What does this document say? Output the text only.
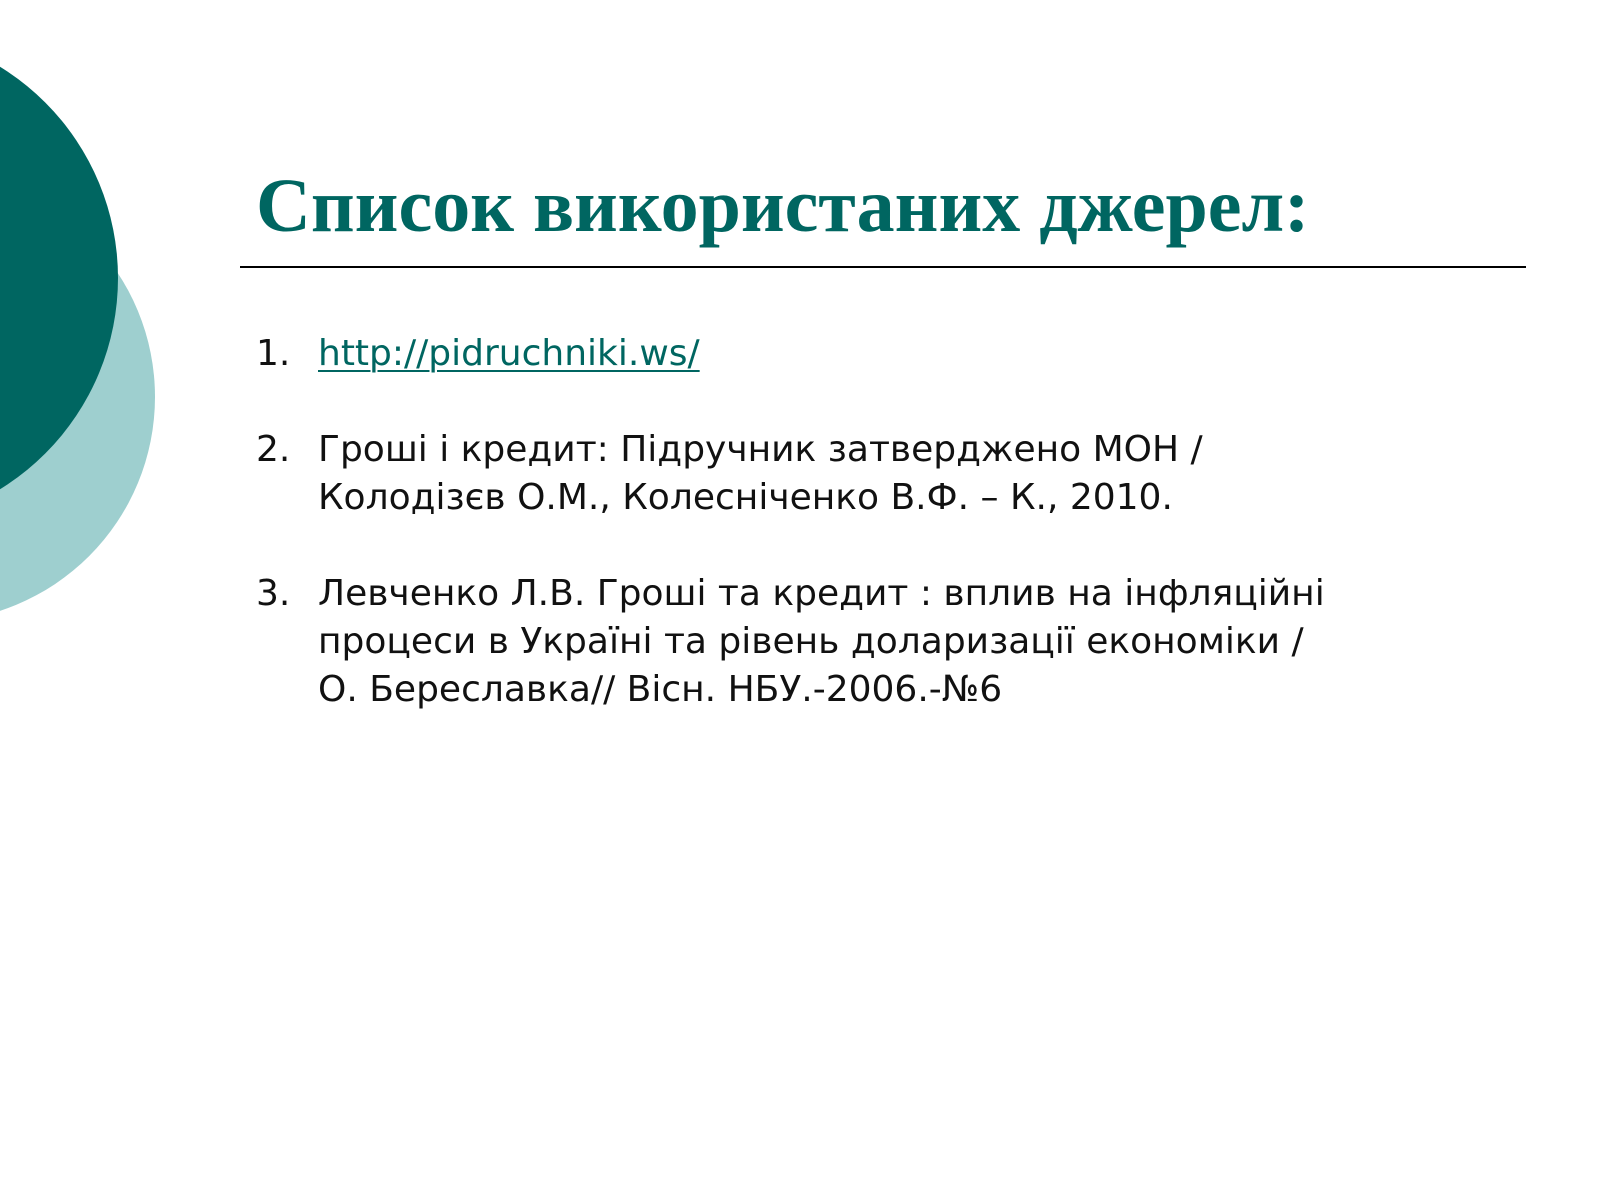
Список використаних джерел:
1. http://pidruchniki.ws/
2. Гроші і кредит: Підручник затверджено МОН / Колодізєв О.М., Колесніченко В.Ф. – К., 2010.
3. Левченко Л.В. Гроші та кредит : вплив на інфляційні процеси в Україні та рівень доларизації економіки /О. Береславка// Вісн. НБУ.-2006.-№6
